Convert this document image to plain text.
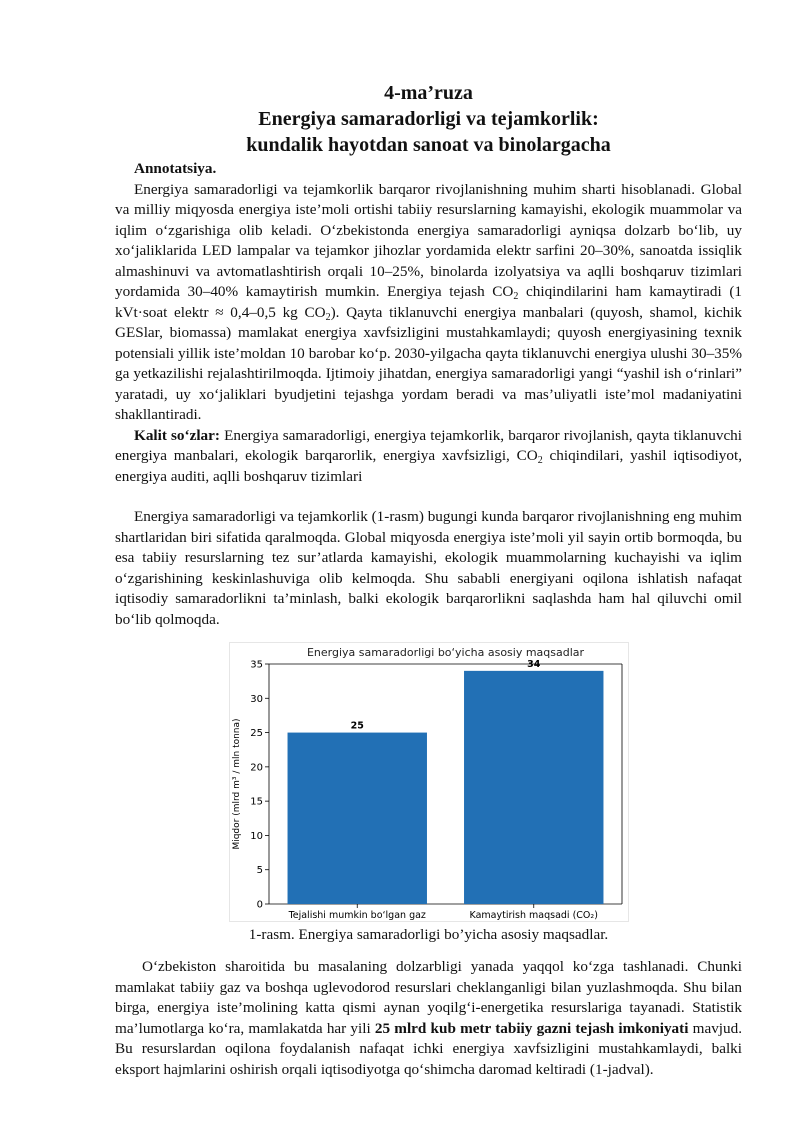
4-ma’ruza
Energiya samaradorligi va tejamkorlik:
kundalik hayotdan sanoat va binolargacha

Annotatsiya.

Energiya samaradorligi va tejamkorlik barqaror rivojlanishning muhim sharti hisoblanadi. Global va milliy miqyosda energiya iste’moli ortishi tabiiy resurslarning kamayishi, ekologik muammolar va iqlim o‘zgarishiga olib keladi. O‘zbekistonda energiya samaradorligi ayniqsa dolzarb bo‘lib, uy xo‘jaliklarida LED lampalar va tejamkor jihozlar yordamida elektr sarfini 20–30%, sanoatda issiqlik almashinuvi va avtomatlashtirish orqali 10–25%, binolarda izolyatsiya va aqlli boshqaruv tizimlari yordamida 30–40% kamaytirish mumkin. Energiya tejash $CO_2$ chiqindilarini ham kamaytiradi (1 kVt·soat elektr ≈ 0,4–0,5 kg $CO_2$). Qayta tiklanuvchi energiya manbalari (quyosh, shamol, kichik GESlar, biomassa) mamlakat energiya xavfsizligini mustahkamlaydi; quyosh energiyasining texnik potensiali yillik iste’moldan 10 barobar ko‘p. 2030-yilgacha qayta tiklanuvchi energiya ulushi 30–35% ga yetkazilishi rejalashtirilmoqda. Ijtimoiy jihatdan, energiya samaradorligi yangi “yashil ish o‘rinlari” yaratadi, uy xo‘jaliklari byudjetini tejashga yordam beradi va mas’uliyatli iste’mol madaniyatini shakllantiradi.

Kalit so‘zlar: Energiya samaradorligi, energiya tejamkorlik, barqaror rivojlanish, qayta tiklanuvchi energiya manbalari, ekologik barqarorlik, energiya xavfsizligi, $CO_2$ chiqindilari, yashil iqtisodiyot, energiya auditi, aqlli boshqaruv tizimlari

Energiya samaradorligi va tejamkorlik (1-rasm) bugungi kunda barqaror rivojlanishning eng muhim shartlaridan biri sifatida qaralmoqda. Global miqyosda energiya iste’moli yil sayin ortib bormoqda, bu esa tabiiy resurslarning tez sur’atlarda kamayishi, ekologik muammolarning kuchayishi va iqlim o‘zgarishining keskinlashuviga olib kelmoqda. Shu sababli energiyani oqilona ishlatish nafaqat iqtisodiy samaradorlikni ta’minlash, balki ekologik barqarorlikni saqlashda ham hal qiluvchi omil bo‘lib qolmoqda.

Energiya samaradorligi bo‘yicha asosiy maqsadlar
0
5
10
15
20
25
30
35
Miqdor (mlrd m³ / mln tonna)	25
Tejalishi mumkin bo‘lgan gaz
34
Kamaytirish maqsadi (CO₂)
1-rasm. Energiya samaradorligi bo’yicha asosiy maqsadlar.

O‘zbekiston sharoitida bu masalaning dolzarbligi yanada yaqqol ko‘zga tashlanadi. Chunki mamlakat tabiiy gaz va boshqa uglevodorod resurslari cheklanganligi bilan yuzlashmoqda. Shu bilan birga, energiya iste’molining katta qismi aynan yoqilg‘i-energetika resurslariga tayanadi. Statistik ma’lumotlarga ko‘ra, mamlakatda har yili 25 mlrd kub metr tabiiy gazni tejash imkoniyati mavjud. Bu resurslardan oqilona foydalanish nafaqat ichki energiya xavfsizligini mustahkamlaydi, balki eksport hajmlarini oshirish orqali iqtisodiyotga qo‘shimcha daromad keltiradi (1-jadval).
